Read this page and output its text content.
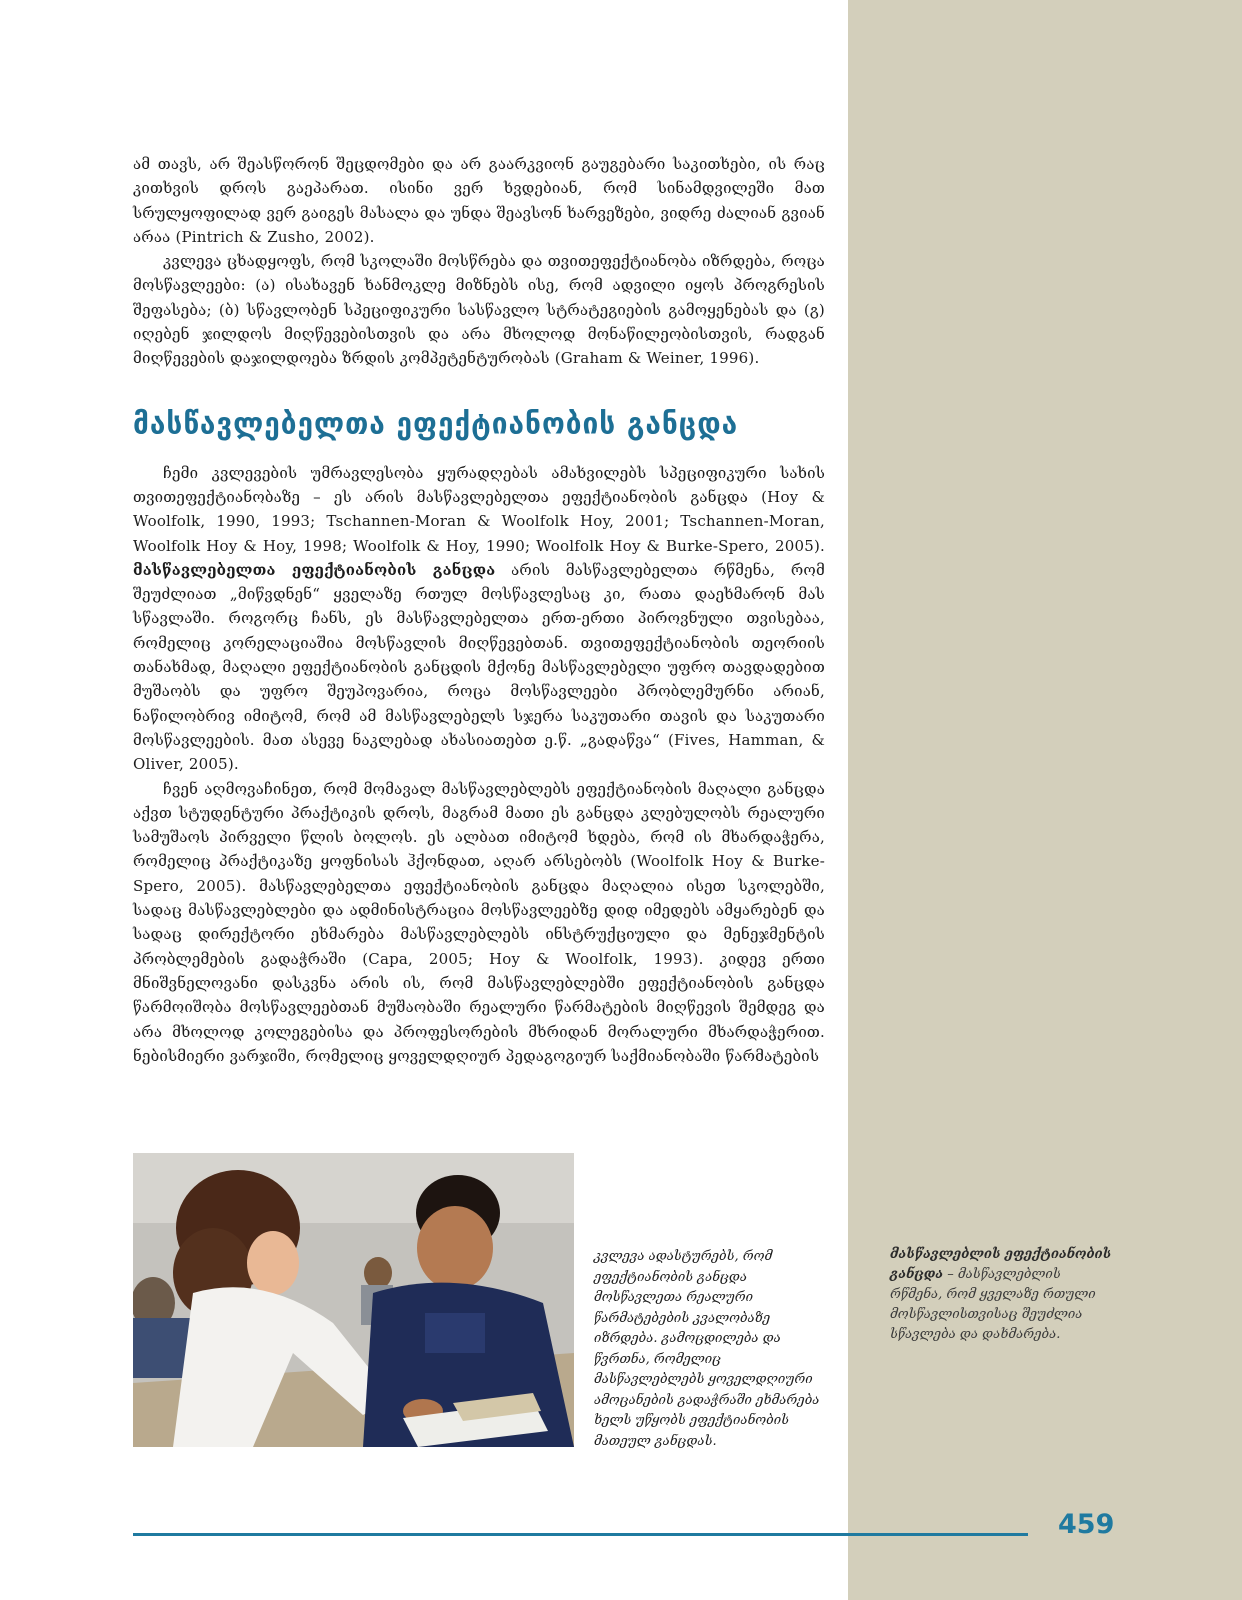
ამ თავს, არ შეასწორონ შეცდომები და არ გაარკვიონ გაუგებარი საკითხები, ის რაც კითხვის დროს გაეპარათ. ისინი ვერ ხვდებიან, რომ სინამდვილეში მათ სრულყოფილად ვერ გაიგეს მასალა და უნდა შეავსონ ხარვეზები, ვიდრე ძალიან გვიან არაა (Pintrich & Zusho, 2002).

კვლევა ცხადყოფს, რომ სკოლაში მოსწრება და თვითეფექტიანობა იზრდება, როცა მოსწავლეები: (ა) ისახავენ ხანმოკლე მიზნებს ისე, რომ ადვილი იყოს პროგრესის შეფასება; (ბ) სწავლობენ სპეციფიკური სასწავლო სტრატეგიების გამოყენებას და (გ) იღებენ ჯილდოს მიღწევებისთვის და არა მხოლოდ მონაწილეობისთვის, რადგან მიღწევების დაჯილდოება ზრდის კომპეტენტურობას (Graham & Weiner, 1996).

მასწავლებელთა ეფექტიანობის განცდა

ჩემი კვლევების უმრავლესობა ყურადღებას ამახვილებს სპეციფიკური სახის თვითეფექტიანობაზე – ეს არის მასწავლებელთა ეფექტიანობის განცდა (Hoy & Woolfolk, 1990, 1993; Tschannen-Moran & Woolfolk Hoy, 2001; Tschannen-Moran, Woolfolk Hoy & Hoy, 1998; Woolfolk & Hoy, 1990; Woolfolk Hoy & Burke-Spero, 2005). მასწავლებელთა ეფექტიანობის განცდა არის მასწავლებელთა რწმენა, რომ შეუძლიათ „მიწვდნენ“ ყველაზე რთულ მოსწავლესაც კი, რათა დაეხმარონ მას სწავლაში. როგორც ჩანს, ეს მასწავლებელთა ერთ-ერთი პიროვნული თვისებაა, რომელიც კორელაციაშია მოსწავლის მიღწევებთან. თვითეფექტიანობის თეორიის თანახმად, მაღალი ეფექტიანობის განცდის მქონე მასწავლებელი უფრო თავდადებით მუშაობს და უფრო შეუპოვარია, როცა მოსწავლეები პრობლემურნი არიან, ნაწილობრივ იმიტომ, რომ ამ მასწავლებელს სჯერა საკუთარი თავის და საკუთარი მოსწავლეების. მათ ასევე ნაკლებად ახასიათებთ ე.წ. „გადაწვა“ (Fives, Hamman, & Oliver, 2005).

ჩვენ აღმოვაჩინეთ, რომ მომავალ მასწავლებლებს ეფექტიანობის მაღალი განცდა აქვთ სტუდენტური პრაქტიკის დროს, მაგრამ მათი ეს განცდა კლებულობს რეალური სამუშაოს პირველი წლის ბოლოს. ეს ალბათ იმიტომ ხდება, რომ ის მხარდაჭერა, რომელიც პრაქტიკაზე ყოფნისას ჰქონდათ, აღარ არსებობს (Woolfolk Hoy & Burke-Spero, 2005). მასწავლებელთა ეფექტიანობის განცდა მაღალია ისეთ სკოლებში, სადაც მასწავლებლები და ადმინისტრაცია მოსწავლეებზე დიდ იმედებს ამყარებენ და სადაც დირექტორი ეხმარება მასწავლებლებს ინსტრუქციული და მენეჯმენტის პრობლემების გადაჭრაში (Capa, 2005; Hoy & Woolfolk, 1993). კიდევ ერთი მნიშვნელოვანი დასკვნა არის ის, რომ მასწავლებლებში ეფექტიანობის განცდა წარმოიშობა მოსწავლეებთან მუშაობაში რეალური წარმატების მიღწევის შემდეგ და არა მხოლოდ კოლეგებისა და პროფესორების მხრიდან მორალური მხარდაჭერით. ნებისმიერი ვარჯიში, რომელიც ყოველდღიურ პედაგოგიურ საქმიანობაში წარმატების

კვლევა ადასტურებს, რომ ეფექტიანობის განცდა მოსწავლეთა რეალური წარმატებების კვალობაზე იზრდება. გამოცდილება და წვრთნა, რომელიც მასწავლებლებს ყოველდღიური ამოცანების გადაჭრაში ეხმარება ხელს უწყობს ეფექტიანობის მათეულ განცდას.
მასწავლებლის ეფექტიანობის განცდა – მასწავლებლის რწმენა, რომ ყველაზე რთული მოსწავლისთვისაც შეუძლია სწავლება და დახმარება.
459
